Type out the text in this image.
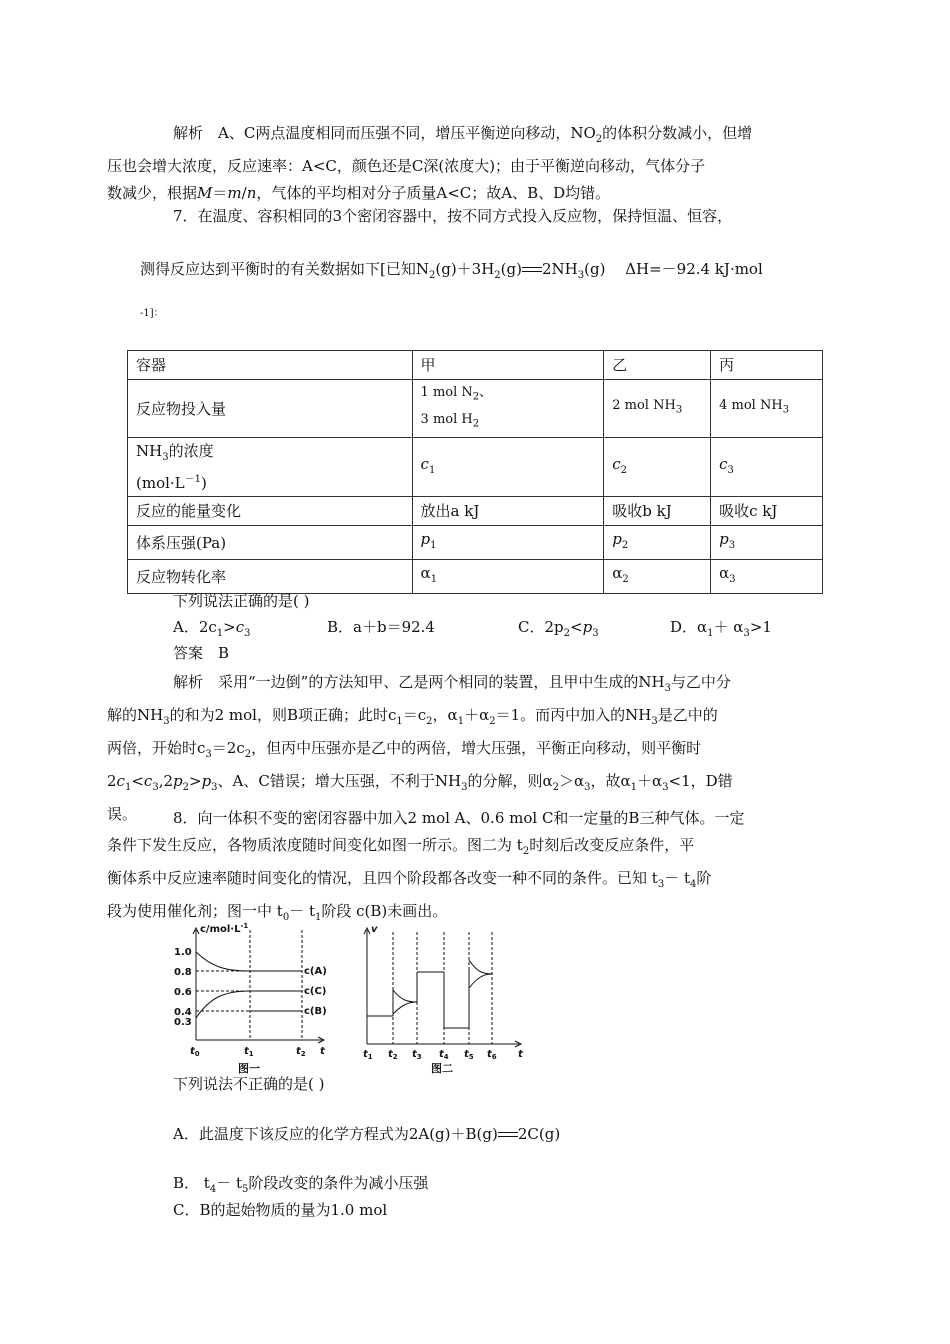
解析　 A、C两点温度相同而压强不同，增压平衡逆向移动，$NO_2$的体积分数减小，但增
压也会增大浓度，反应速率：A<C，颜色还是C深(浓度大)；由于平衡逆向移动，气体分子
数减少，根据M＝m/n，气体的平均相对分子质量A<C；故A、B、D均错。

7．在温度、容积相同的3个密闭容器中，按不同方式投入反应物，保持恒温、恒容，
测得反应达到平衡时的有关数据如下[已知$N_2(g)+3H_2(g)$ $2NH_3(g)$　 ΔH=－92.4 kJ·mol
$^{-1]:}$
容器	甲	乙	丙
反应物投入量	1 mol $N_2$、
3 mol $H_2$	2 mol $NH_3$	4 mol $NH_3$
$NH_3$的浓度
$(mol\cdot L^{-1})$	$c_1$	$c_2$	$c_3$
反应的能量变化	放出a kJ	吸收b kJ	吸收c kJ
体系压强(Pa)	$p_1$	$p_2$	$p_3$
反应物转化率	$\alpha_1$	$\alpha_2$	$\alpha_3$
下列说法正确的是( )
A．$2c_1>c_3$	B．a＋b＝92.4	C．$2p_2<p_3$	D．$\alpha_1+ \alpha_3>1$
答案　B

解析　采用“一边倒”的方法知甲、乙是两个相同的装置，且甲中生成的$NH_3$与乙中分
解的$NH_3$的和为2 mol，则B项正确；此时$c_1=c_2$，$\alpha_1+\alpha_2=1$。而丙中加入的$NH_3$是乙中的
两倍，开始时$c_3=2c_2$，但丙中压强亦是乙中的两倍，增大压强，平衡正向移动，则平衡时
$2c_1<c_3,2p_2>p_3$、A、C错误；增大压强，不利于$NH_3$的分解，则$\alpha_2>\alpha_3$，故$\alpha_1+\alpha_3<1$，D错
误。	8．向一体积不变的密闭容器中加入2 mol A、0.6 mol C和一定量的B三种气体。一定
条件下发生反应，各物质浓度随时间变化如图一所示。图二为 $t_2$时刻后改变反应条件，平
衡体系中反应速率随时间变化的情况，且四个阶段都各改变一种不同的条件。已知 $t_3- t_4$阶
段为使用催化剂；图一中 $t_0- t_1$阶段 c(B)未画出。

$c/mol\cdot L^{-1}$
1.0
0.8
0.6
0.4
0.3
c(A)
c(C)
c(B)
$t_0$	$t_1$	$t_2$ t
图一
v
$t_1$ $t_2$ $t_3$ $t_4$ $t_5$ $t_6$ t
图二
下列说法不正确的是( )
A．此温度下该反应的化学方程式为2A(g)＋B(g) 2C(g)
B． $t_4- t_5$阶段改变的条件为减小压强
C．B的起始物质的量为1.0 mol
